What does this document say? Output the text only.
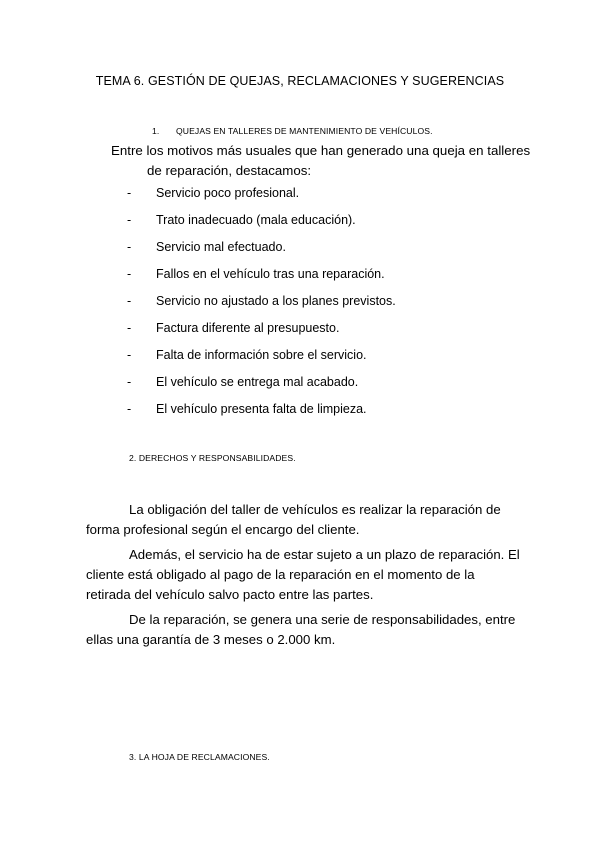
TEMA 6. GESTIÓN DE QUEJAS, RECLAMACIONES Y SUGERENCIAS
1. QUEJAS EN TALLERES DE MANTENIMIENTO DE VEHÍCULOS.
Entre los motivos más usuales que han generado una queja en talleres
de reparación, destacamos:
- Servicio poco profesional.
- Trato inadecuado (mala educación).
- Servicio mal efectuado.
- Fallos en el vehículo tras una reparación.
- Servicio no ajustado a los planes previstos.
- Factura diferente al presupuesto.
- Falta de información sobre el servicio.
- El vehículo se entrega mal acabado.
- El vehículo presenta falta de limpieza.
2. DERECHOS Y RESPONSABILIDADES.
La obligación del taller de vehículos es realizar la reparación de
forma profesional según el encargo del cliente.
Además, el servicio ha de estar sujeto a un plazo de reparación. El
cliente está obligado al pago de la reparación en el momento de la
retirada del vehículo salvo pacto entre las partes.
De la reparación, se genera una serie de responsabilidades, entre
ellas una garantía de 3 meses o 2.000 km.
3. LA HOJA DE RECLAMACIONES.
